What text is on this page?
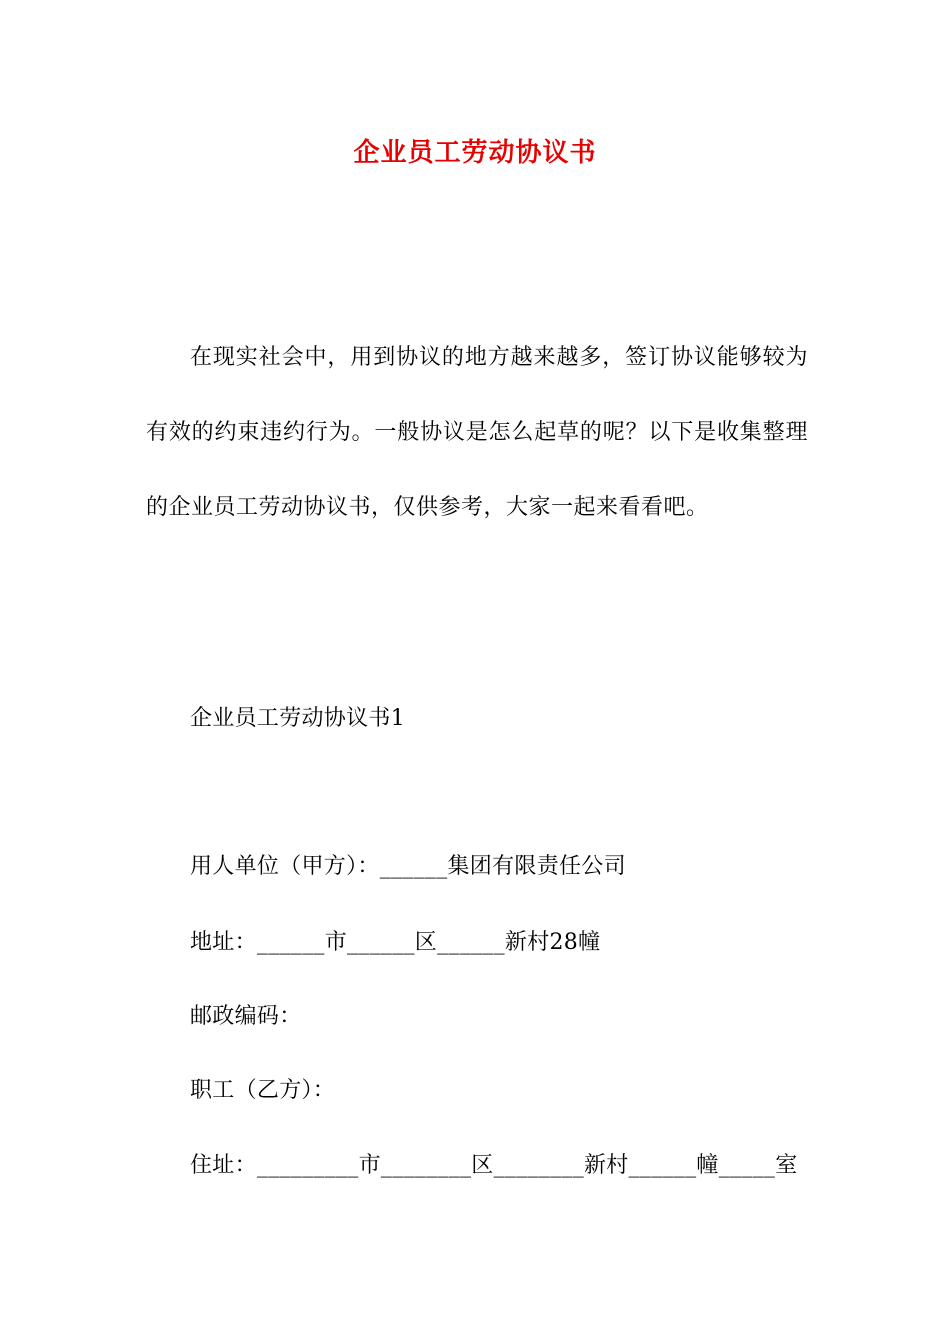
企业员工劳动协议书
在现实社会中，用到协议的地方越来越多，签订协议能够较为有效的约束违约行为。一般协议是怎么起草的呢？以下是收集整理的企业员工劳动协议书，仅供参考，大家一起来看看吧。
企业员工劳动协议书1
用人单位（甲方）：______集团有限责任公司
地址：______市______区______新村28幢
邮政编码：
职工（乙方）：
住址：_________市________区________新村______幢_____室
